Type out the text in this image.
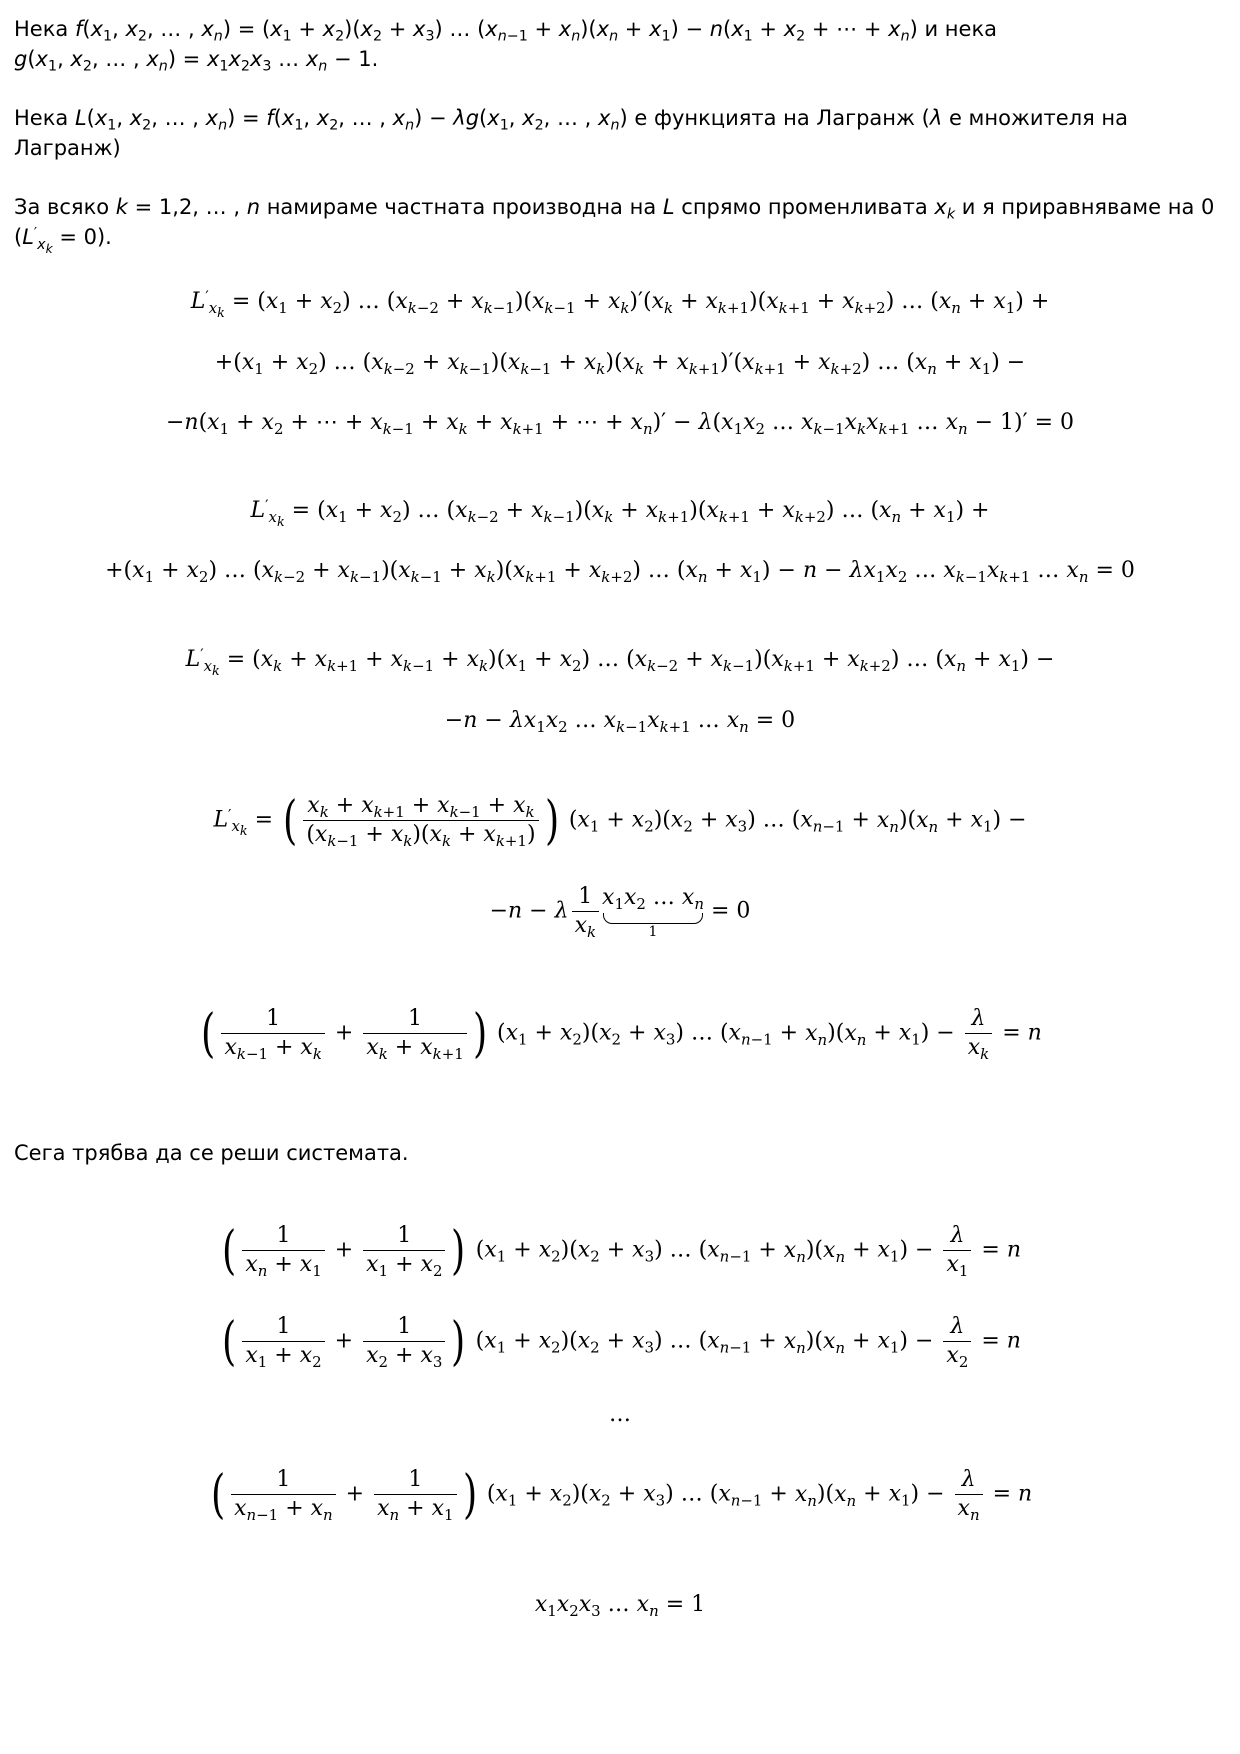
Нека $f(x_1$, $x_2$, … , $x_n) = (x_1 + x_2)(x_2 + x_3)$ … $(x_{n-1} + x_n)(x_n + x_1) - n(x_1 + x_2$ + ⋯ + $x_n$) и нека
$g(x_1$, $x_2$, … , $x_n) = x_1x_2x_3$ … $x_n - 1$.
Нека $L(x_1$, $x_2$, … , $x_n) = f(x_1$, $x_2$, … , $x_n) - \lambda g(x_1$, $x_2$, … , $x_n$) е функцията на Лагранж (λ е множителя на
Лагранж)
За всяко k = 1,2, … , n намираме частната производна на L спрямо променливата $x_k$ и я приравняваме на 0
$(L'_{x_k} = 0)$.
$L'_{x_k} = (x_1 + x_2)$ … $(x_{k-2} + x_{k-1})(x_{k-1} + x_k)'(x_k + x_{k+1})(x_{k+1} + x_{k+2})$ … $(x_n + x_1)$ +
$+(x_1 + x_2)$ … $(x_{k-2} + x_{k-1})(x_{k-1} + x_k)(x_k + x_{k+1})'(x_{k+1} + x_{k+2})$ … $(x_n + x_1)$ −
$-n(x_1 + x_2$ + ⋯ + $x_{k-1} + x_k + x_{k+1}$ + ⋯ + $x_n)' - \lambda(x_1x_2$ … $x_{k-1}x_kx_{k+1}$ … $x_n - 1)' = 0$
$L'_{x_k} = (x_1 + x_2)$ … $(x_{k-2} + x_{k-1})(x_k + x_{k+1})(x_{k+1} + x_{k+2})$ … $(x_n + x_1)$ +
$+(x_1 + x_2)$ … $(x_{k-2} + x_{k-1})(x_{k-1} + x_k)(x_{k+1} + x_{k+2})$ … $(x_n + x_1) - n - \lambda x_1x_2$ … $x_{k-1}x_{k+1}$ … $x_n = 0$
$L'_{x_k} = (x_k + x_{k+1} + x_{k-1} + x_k)(x_1 + x_2)$ … $(x_{k-2} + x_{k-1})(x_{k+1} + x_{k+2})$ … $(x_n + x_1)$ −
$-n - \lambda x_1x_2$ … $x_{k-1}x_{k+1}$ … $x_n = 0$
$L'_{x_k}$ = ( $\frac{x_k + x_{k+1} + x_{k-1} + x_k}{(x_{k-1} + x_k)(x_k + x_{k+1})}$ ) $(x_1 + x_2)(x_2 + x_3)$ … $(x_{n-1} + x_n)(x_n + x_1)$ −
−n − λ $\frac{1}{x_k} x_1x_2$ … $x_n$
1
= 0
( $\frac{1}{x_{k-1} + x_k} + \frac{1}{x_k + x_{k+1}}$ ) $(x_1 + x_2)(x_2 + x_3)$ … $(x_{n-1} + x_n)(x_n + x_1) - \frac{\lambda}{x_k} = n$
Сега трябва да се реши системата.
( $\frac{1}{x_n + x_1} + \frac{1}{x_1 + x_2}$ ) $(x_1 + x_2)(x_2 + x_3)$ … $(x_{n-1} + x_n)(x_n + x_1) - \frac{\lambda}{x_1} = n$
( $\frac{1}{x_1 + x_2} + \frac{1}{x_2 + x_3}$ ) $(x_1 + x_2)(x_2 + x_3)$ … $(x_{n-1} + x_n)(x_n + x_1) - \frac{\lambda}{x_2} = n$
…
( $\frac{1}{x_{n-1} + x_n} + \frac{1}{x_n + x_1}$ ) $(x_1 + x_2)(x_2 + x_3)$ … $(x_{n-1} + x_n)(x_n + x_1) - \frac{\lambda}{x_n} = n$
$x_1x_2x_3$ … $x_n = 1$
